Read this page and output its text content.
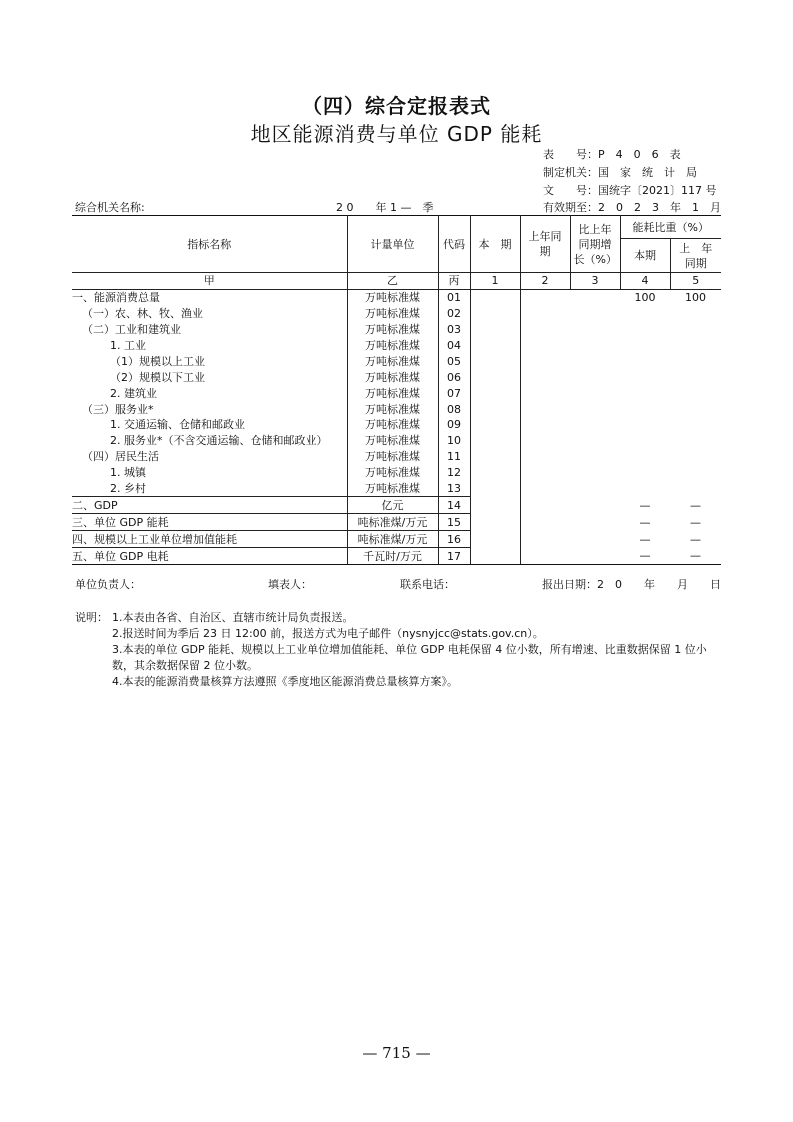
（四）综合定报表式
地区能源消费与单位 GDP 能耗
表　　号：P　4　0　6　表
制定机关：国　家　统　计　局
文　　号：国统字〔2021〕117 号
有效期至：2　0　2　3　年　1　月
综合机关名称:	2 0　　年 1 —　季
指标名称	计量单位	代码	本　期	上年同期	比上年同期增长（%）	能耗比重（%）	
						本期	上　年　同期
甲	乙	丙	1	2	3	4	5
一、能源消费总量	万吨标准煤	01				100	100
（一）农、林、牧、渔业	万吨标准煤	02					
（二）工业和建筑业	万吨标准煤	03					
1. 工业	万吨标准煤	04					
（1）规模以上工业	万吨标准煤	05					
（2）规模以下工业	万吨标准煤	06					
2. 建筑业	万吨标准煤	07					
（三）服务业*	万吨标准煤	08					
1. 交通运输、仓储和邮政业	万吨标准煤	09					
2. 服务业*（不含交通运输、仓储和邮政业）	万吨标准煤	10					
（四）居民生活	万吨标准煤	11					
1. 城镇	万吨标准煤	12					
2. 乡村	万吨标准煤	13					
二、GDP	亿元	14				—	—
三、单位 GDP 能耗	吨标准煤/万元	15				—	—
四、规模以上工业单位增加值能耗	吨标准煤/万元	16				—	—
五、单位 GDP 电耗	千瓦时/万元	17				—	—
单位负责人：	填表人：	联系电话：	报出日期：2　0　　年　　月　　日
说明： 1.本表由各省、自治区、直辖市统计局负责报送。
2.报送时间为季后 23 日 12:00 前，报送方式为电子邮件（nysnyjcc@stats.gov.cn）。
3.本表的单位 GDP 能耗、规模以上工业单位增加值能耗、单位 GDP 电耗保留 4 位小数，所有增速、比重数据保留 1 位小数，其余数据保留 2 位小数。
4.本表的能源消费量核算方法遵照《季度地区能源消费总量核算方案》。
— 715 —
